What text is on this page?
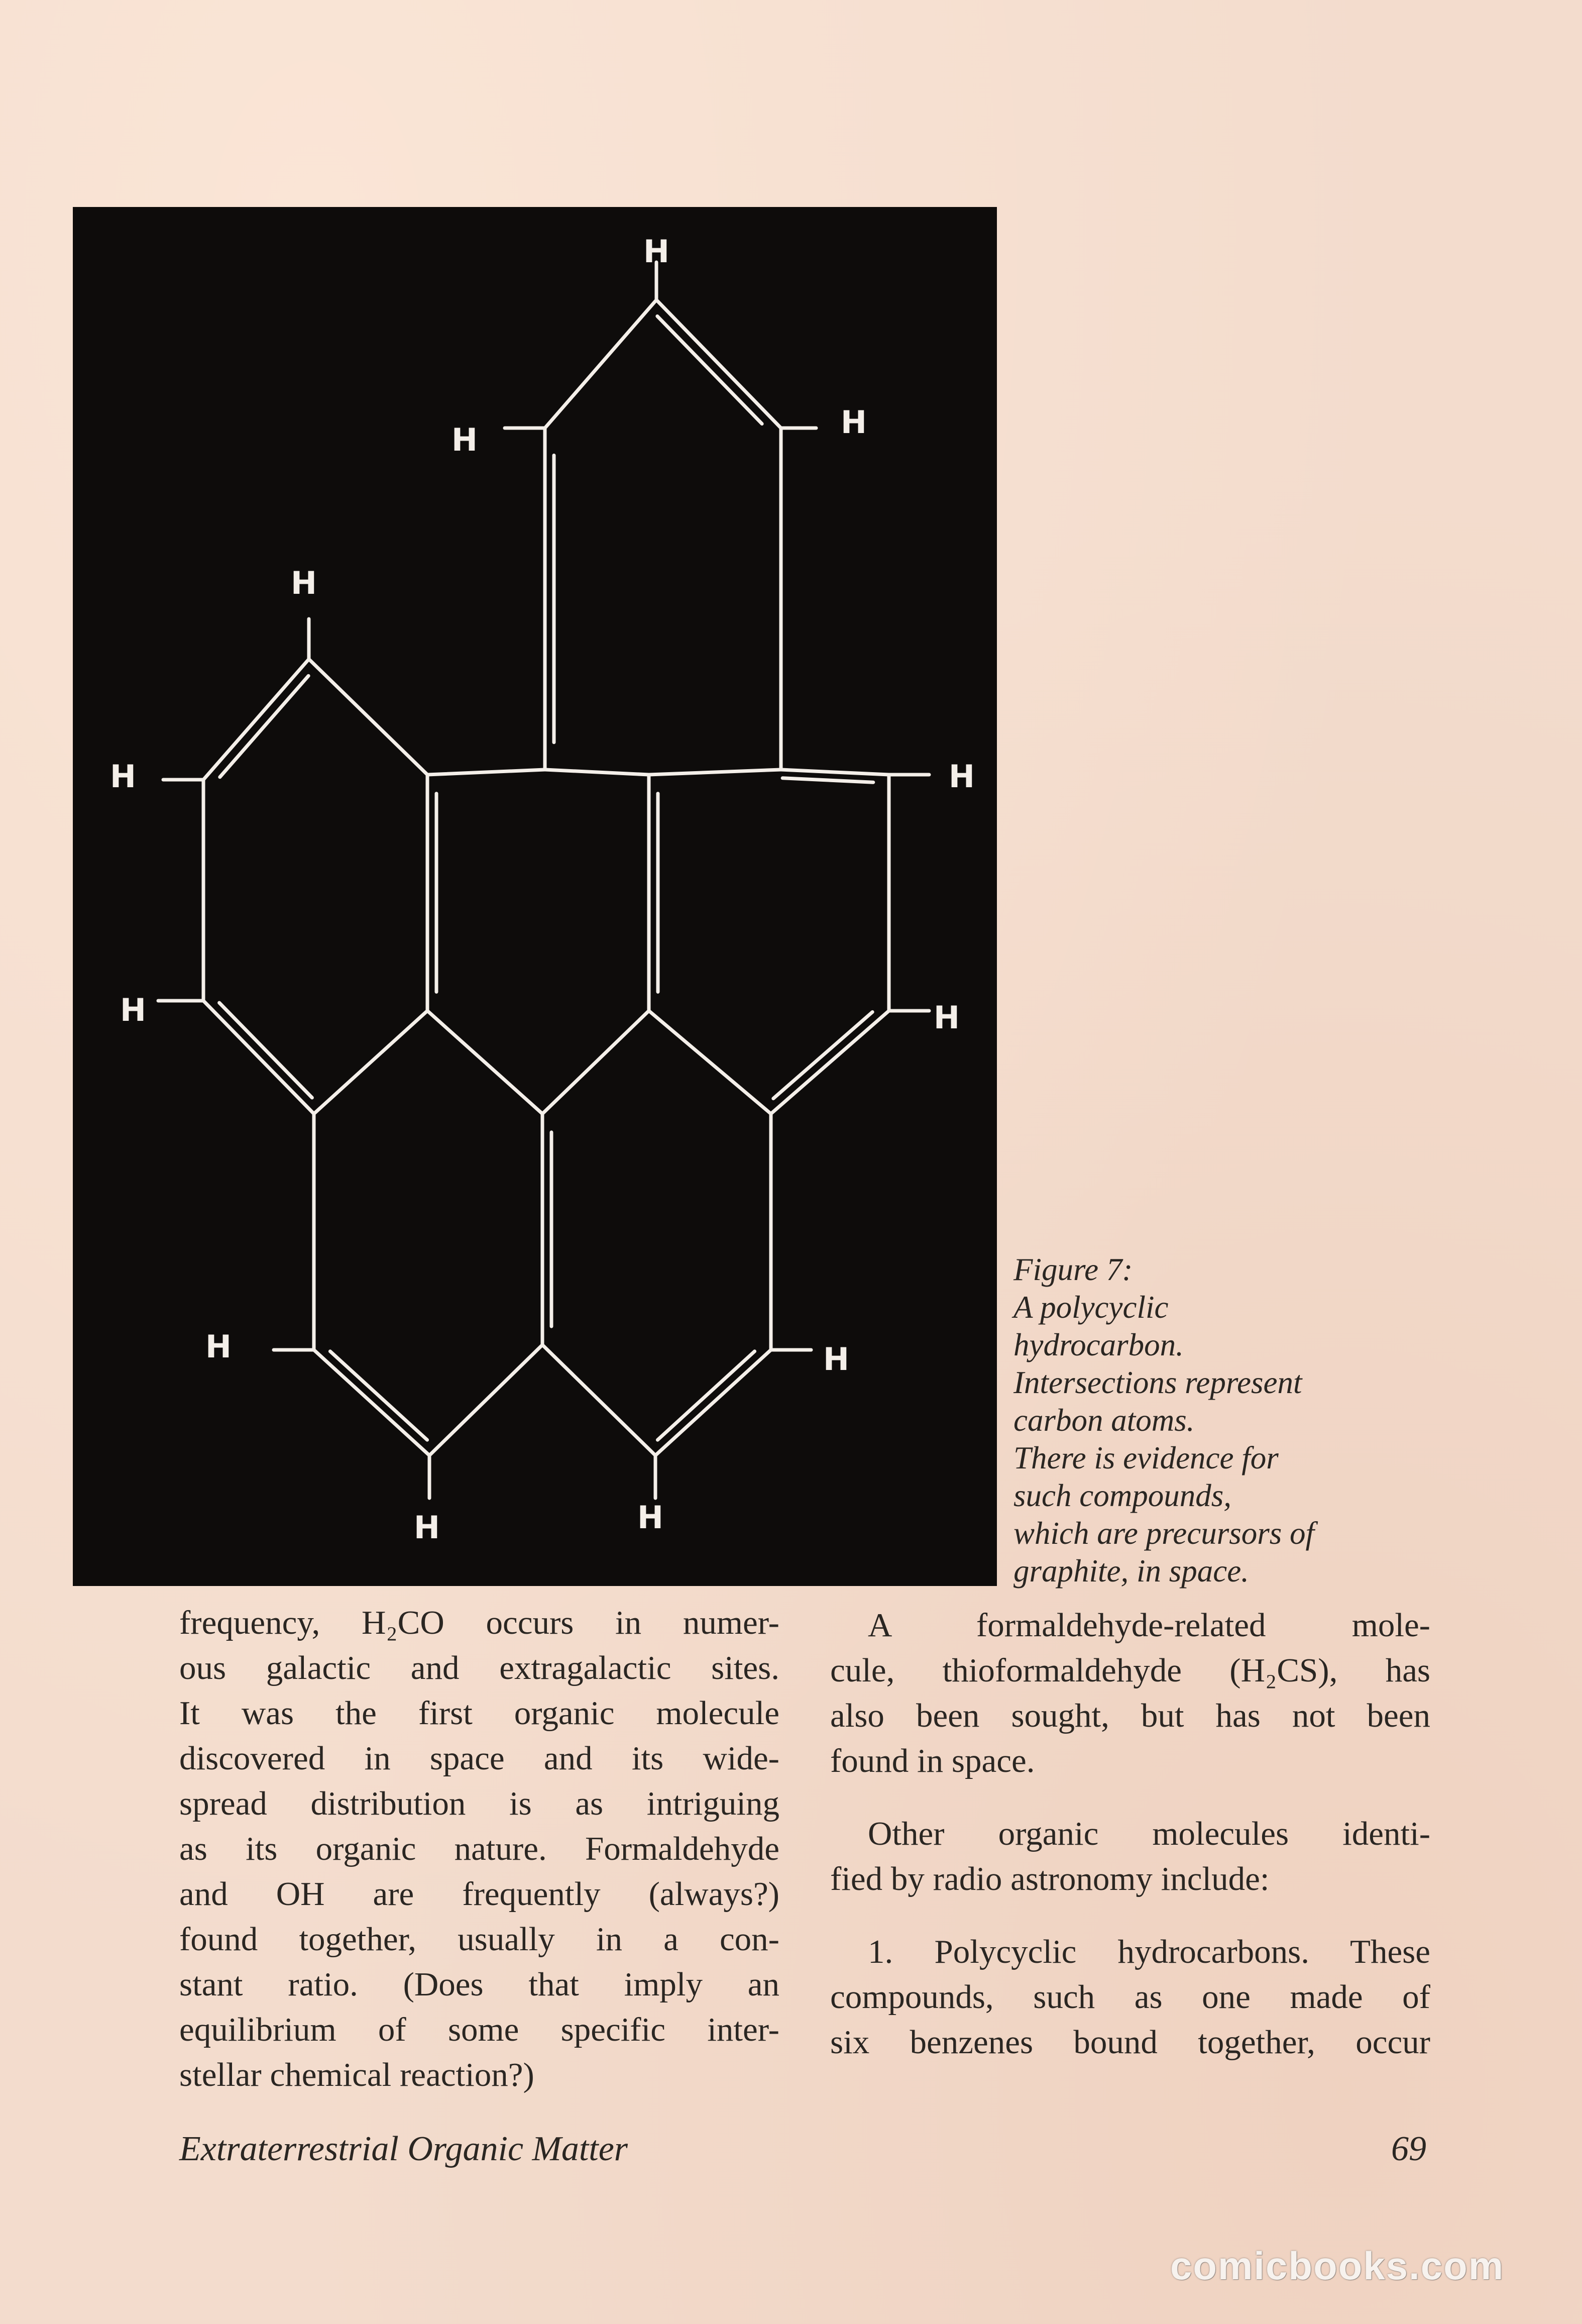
H
H	H
H
H	H
H	H
H	H
H	H
Figure 7:
A polycyclic
hydrocarbon.
Intersections represent
carbon atoms.
There is evidence for
such compounds,
which are precursors of
graphite, in space.
frequency, H₂CO occurs in numer-
ous galactic and extragalactic sites.
It was the first organic molecule
discovered in space and its wide-
spread distribution is as intriguing
as its organic nature. Formaldehyde
and OH are frequently (always?)
found together, usually in a con-
stant ratio. (Does that imply an
equilibrium of some specific inter-
stellar chemical reaction?)
A formaldehyde-related mole-
cule, thioformaldehyde (H₂CS), has
also been sought, but has not been
found in space.
Other organic molecules identi-
fied by radio astronomy include:
1. Polycyclic hydrocarbons. These
compounds, such as one made of
six benzenes bound together, occur
Extraterrestrial Organic Matter	69
comicbooks.com
